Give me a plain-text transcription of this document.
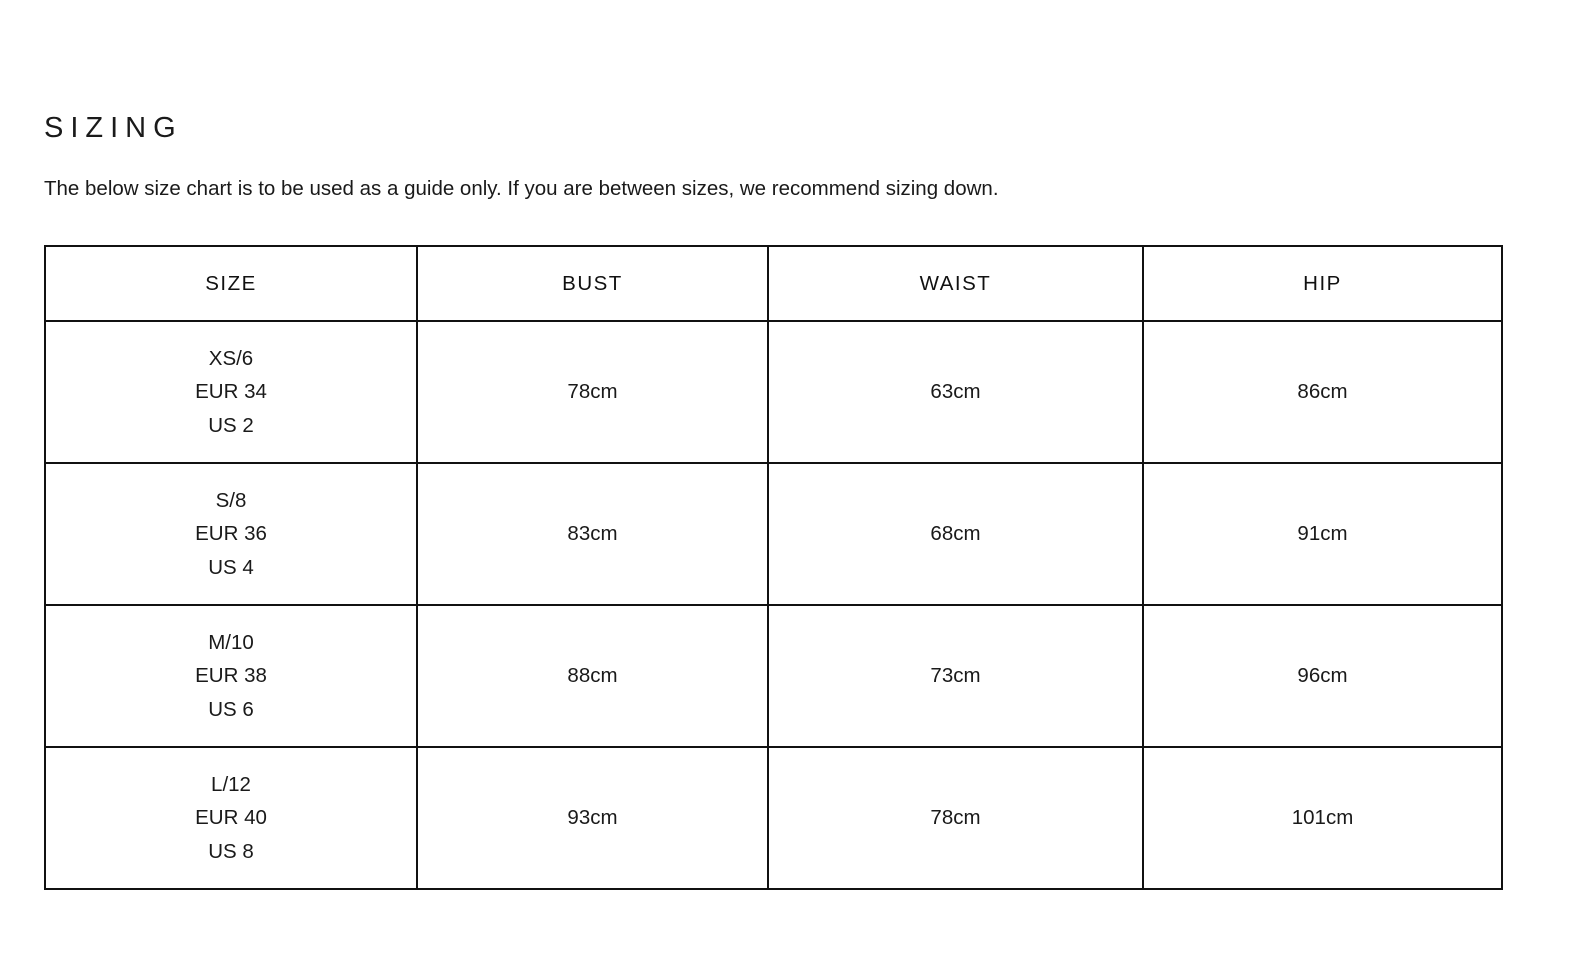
SIZING

The below size chart is to be used as a guide only. If you are between sizes, we recommend sizing down.

SIZE	BUST	WAIST	HIP

XS/6
EUR 34
US 2	78cm	63cm	86cm

S/8
EUR 36
US 4	83cm	68cm	91cm

M/10
EUR 38
US 6	88cm	73cm	96cm

L/12
EUR 40
US 8	93cm	78cm	101cm
